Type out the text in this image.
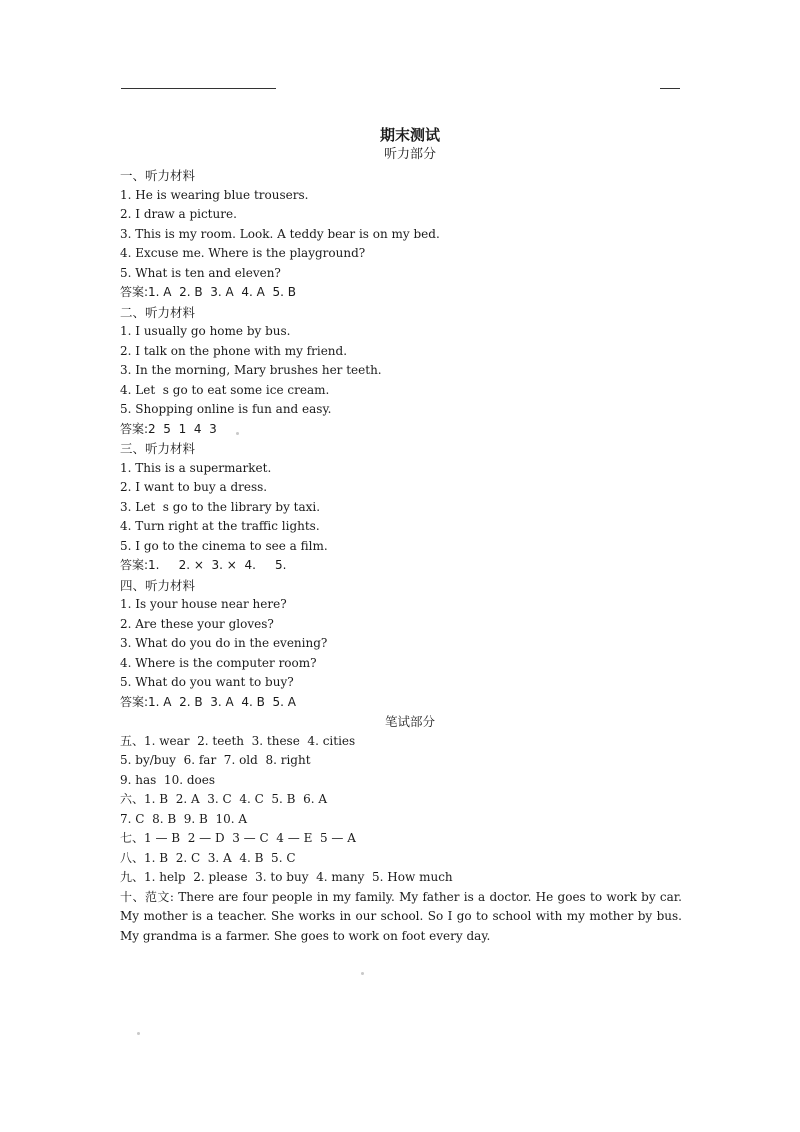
期末测试
听力部分
一、听力材料
1. He is wearing blue trousers.
2. I draw a picture.
3. This is my room. Look. A teddy bear is on my bed.
4. Excuse me. Where is the playground?
5. What is ten and eleven?
答案:1. A  2. B  3. A  4. A  5. B
二、听力材料
1. I usually go home by bus.
2. I talk on the phone with my friend.
3. In the morning, Mary brushes her teeth.
4. Let  s go to eat some ice cream.
5. Shopping online is fun and easy.
答案:2  5  1  4  3
三、听力材料
1. This is a supermarket.
2. I want to buy a dress.
3. Let  s go to the library by taxi.
4. Turn right at the traffic lights.
5. I go to the cinema to see a film.
答案:1.     2. ×  3. ×  4.     5.
四、听力材料
1. Is your house near here?
2. Are these your gloves?
3. What do you do in the evening?
4. Where is the computer room?
5. What do you want to buy?
答案:1. A  2. B  3. A  4. B  5. A
笔试部分
五、1. wear  2. teeth  3. these  4. cities
5. by/buy  6. far  7. old  8. right
9. has  10. does
六、1. B  2. A  3. C  4. C  5. B  6. A
7. C  8. B  9. B  10. A
七、1 — B  2 — D  3 — C  4 — E  5 — A
八、1. B  2. C  3. A  4. B  5. C
九、1. help  2. please  3. to buy  4. many  5. How much
十、范文: There are four people in my family. My father is a doctor. He goes to work by car. My mother is a teacher. She works in our school. So I go to school with my mother by bus. My grandma is a farmer. She goes to work on foot every day.
